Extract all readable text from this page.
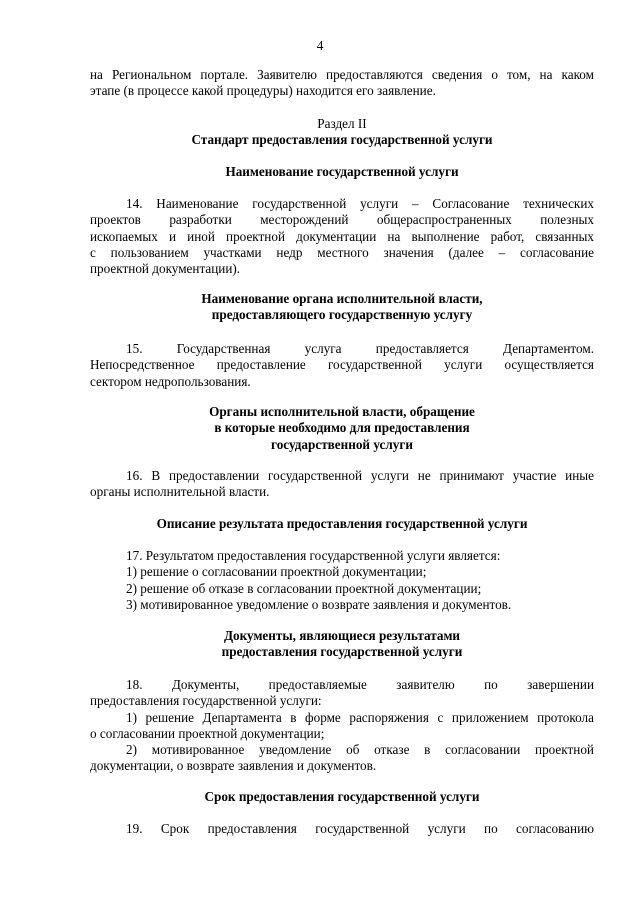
4
на Региональном портале. Заявителю предоставляются сведения о том, на каком
этапе (в процессе какой процедуры) находится его заявление.
Раздел II
Стандарт предоставления государственной услуги
Наименование государственной услуги
14. Наименование государственной услуги – Согласование технических
проектов разработки месторождений общераспространенных полезных
ископаемых и иной проектной документации на выполнение работ, связанных
с пользованием участками недр местного значения (далее – согласование
проектной документации).
Наименование органа исполнительной власти,
предоставляющего государственную услугу
15. Государственная услуга предоставляется Департаментом.
Непосредственное предоставление государственной услуги осуществляется
сектором недропользования.
Органы исполнительной власти, обращение
в которые необходимо для предоставления
государственной услуги
16. В предоставлении государственной услуги не принимают участие иные
органы исполнительной власти.
Описание результата предоставления государственной услуги
17. Результатом предоставления государственной услуги является:
1) решение о согласовании проектной документации;
2) решение об отказе в согласовании проектной документации;
3) мотивированное уведомление о возврате заявления и документов.
Документы, являющиеся результатами
предоставления государственной услуги
18. Документы, предоставляемые заявителю по завершении
предоставления государственной услуги:
1) решение Департамента в форме распоряжения с приложением протокола
о согласовании проектной документации;
2) мотивированное уведомление об отказе в согласовании проектной
документации, о возврате заявления и документов.
Срок предоставления государственной услуги
19. Срок предоставления государственной услуги по согласованию
